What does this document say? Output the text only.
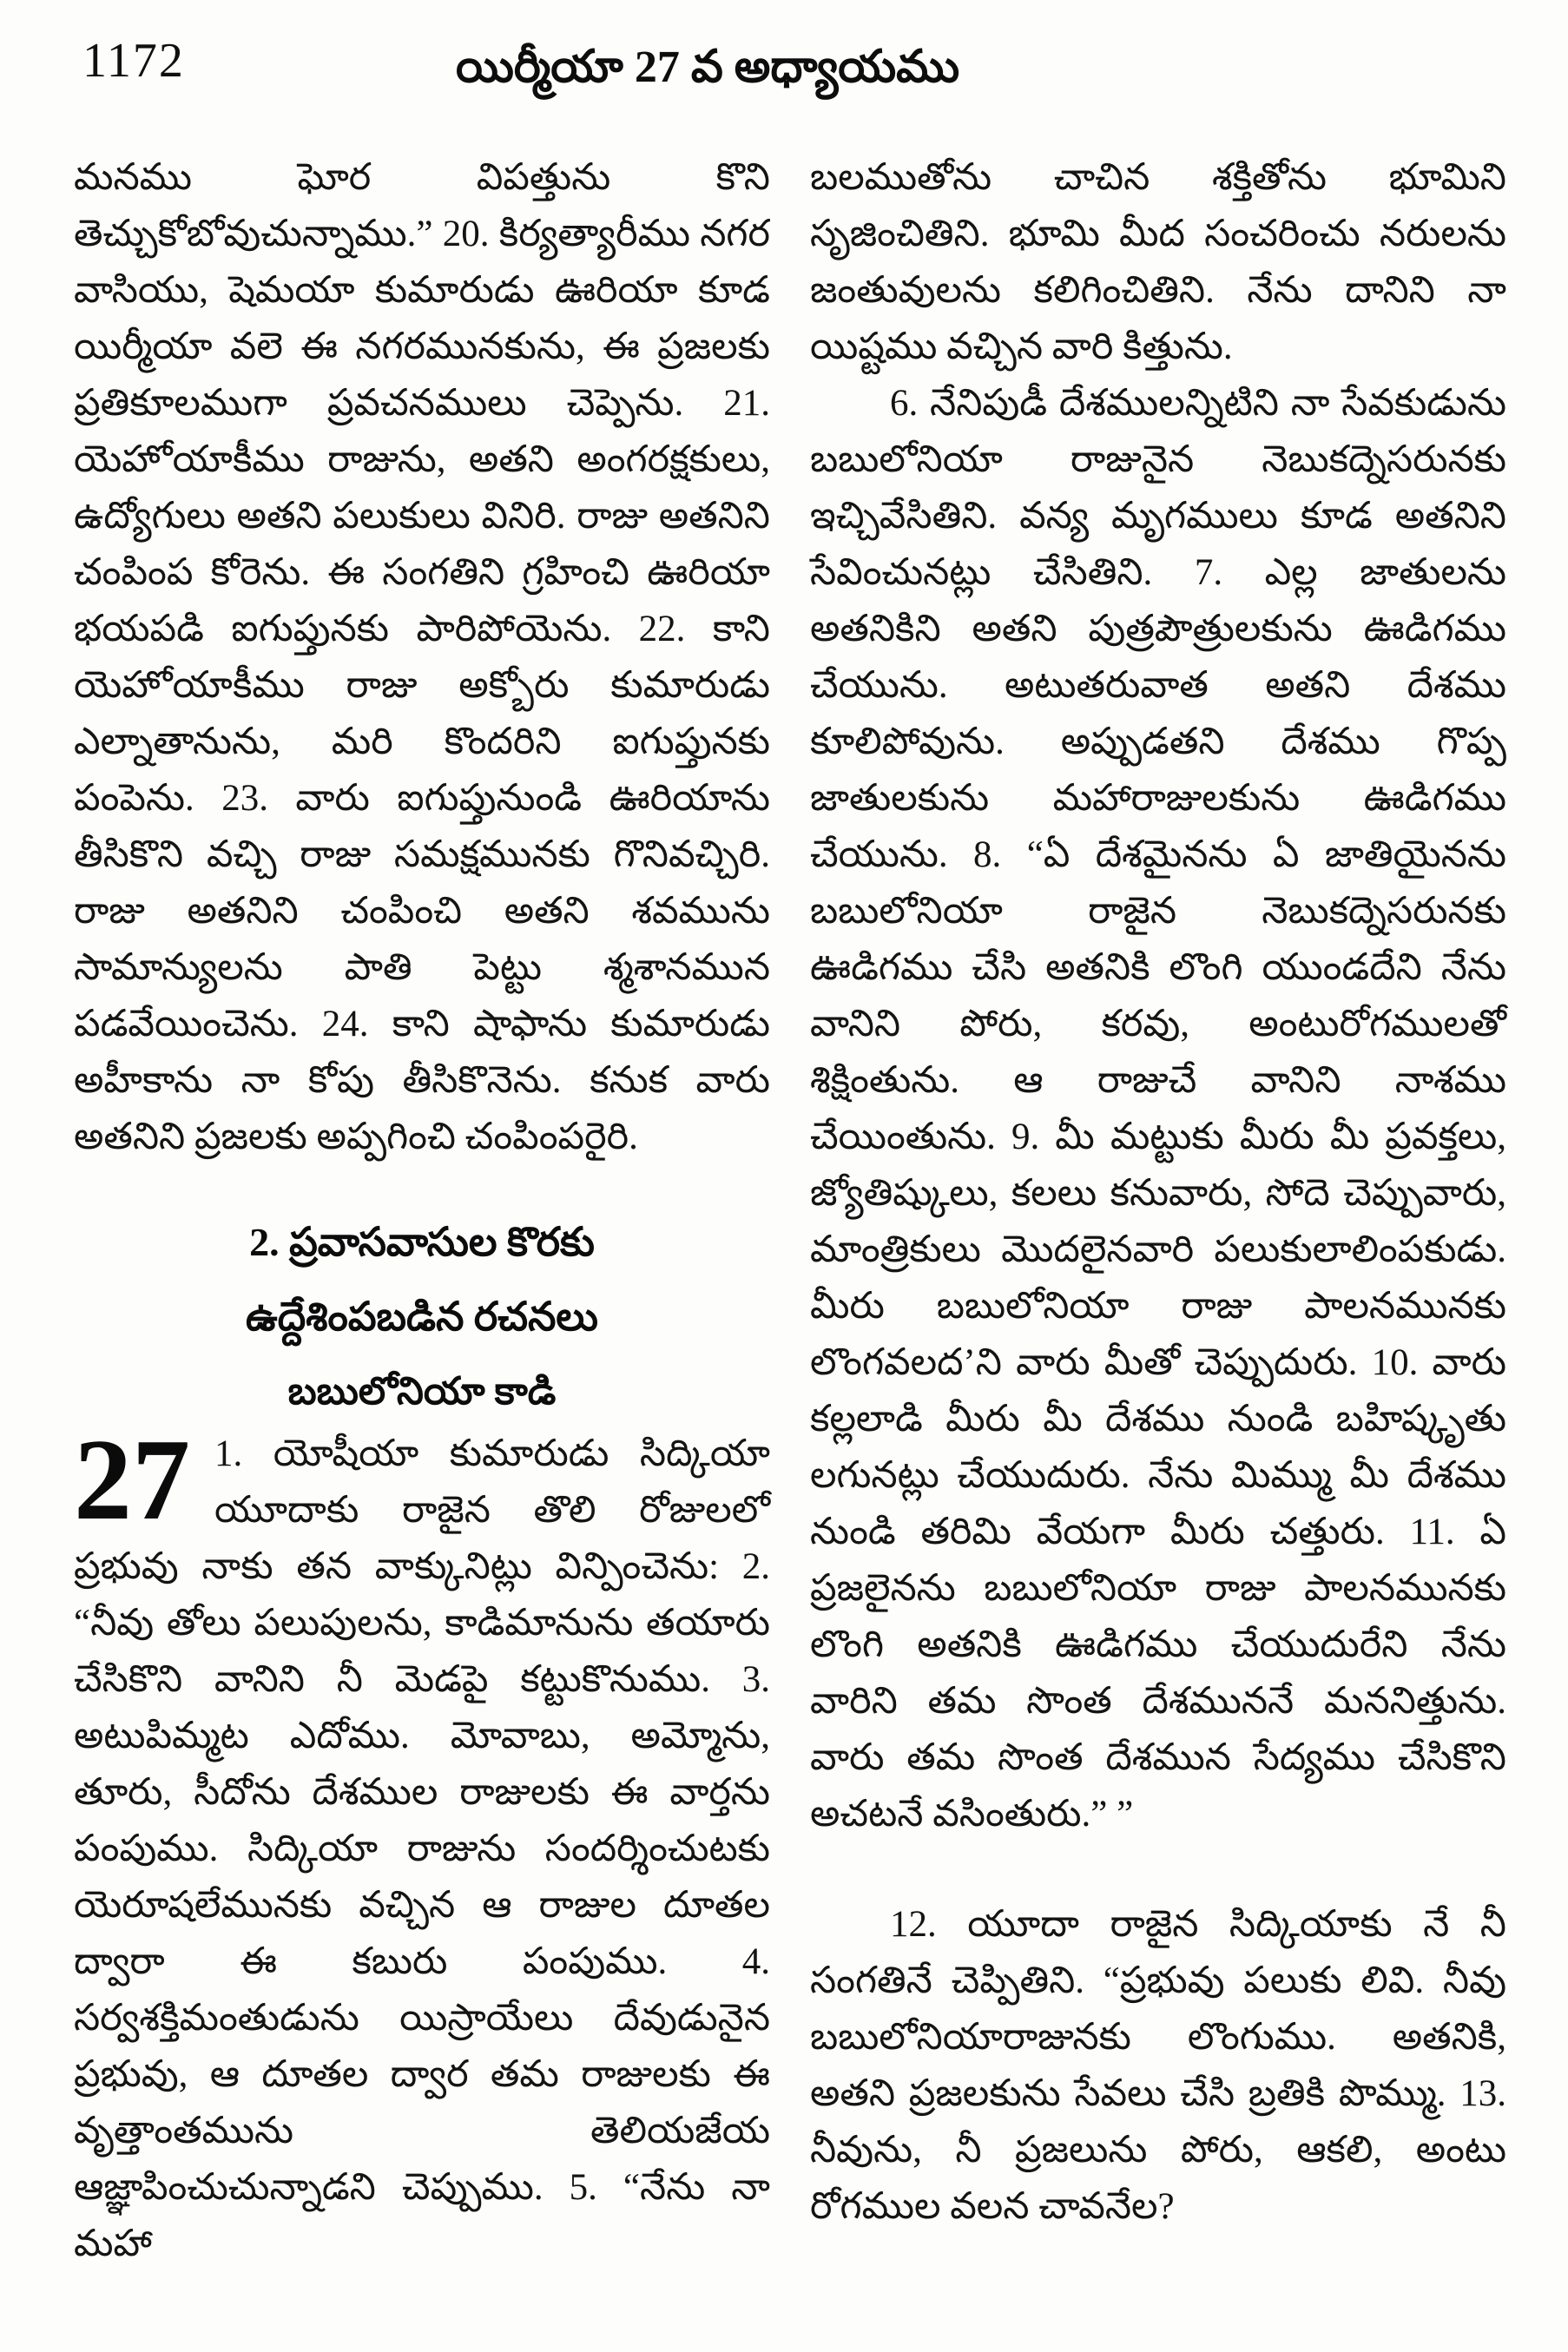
1172	యిర్మీయా 27 వ అధ్యాయము

మనము ఘోర విపత్తును కొని తెచ్చుకోబోవుచున్నాము.” 20. కిర్యత్యారీము నగర వాసియు, షెమయా కుమారుడు ఊరియా కూడ యిర్మీయా వలె ఈ నగరమునకును, ఈ ప్రజలకు ప్రతికూలముగా ప్రవచనములు చెప్పెను. 21. యెహోయాకీము రాజును, అతని అంగరక్షకులు, ఉద్యోగులు అతని పలుకులు వినిరి. రాజు అతనిని చంపింప కోరెను. ఈ సంగతిని గ్రహించి ఊరియా భయపడి ఐగుప్తునకు పారిపోయెను. 22. కాని యెహోయాకీము రాజు అక్బోరు కుమారుడు ఎల్నాతానును, మరి కొందరిని ఐగుప్తునకు పంపెను. 23. వారు ఐగుప్తునుండి ఊరియాను తీసికొని వచ్చి రాజు సమక్షమునకు గొనివచ్చిరి. రాజు అతనిని చంపించి అతని శవమును సామాన్యులను పాతి పెట్టు శ్మశానమున పడవేయించెను. 24. కాని షాఫాను కుమారుడు అహీకాను నా కోపు తీసికొనెను. కనుక వారు అతనిని ప్రజలకు అప్పగించి చంపింపరైరి.

2. ప్రవాసవాసుల కొరకు
ఉద్దేశింపబడిన రచనలు
బబులోనియా కాడి

27 1. యోషీయా కుమారుడు సిద్కియా యూదాకు రాజైన తొలి రోజులలో ప్రభువు నాకు తన వాక్కునిట్లు విన్పించెను: 2. “నీవు తోలు పలుపులను, కాడిమానును తయారు చేసికొని వానిని నీ మెడపై కట్టుకొనుము. 3. అటుపిమ్మట ఎదోము. మోవాబు, అమ్మోను, తూరు, సీదోను దేశముల రాజులకు ఈ వార్తను పంపుము. సిద్కియా రాజును సందర్శించుటకు యెరూషలేమునకు వచ్చిన ఆ రాజుల దూతల ద్వారా ఈ కబురు పంపుము. 4. సర్వశక్తిమంతుడును యిస్రాయేలు దేవుడునైన ప్రభువు, ఆ దూతల ద్వార తమ రాజులకు ఈ వృత్తాంతమును తెలియజేయ ఆజ్ఞాపించుచున్నాడని చెప్పుము. 5. “నేను నా మహా

బలముతోను చాచిన శక్తితోను భూమిని సృజించితిని. భూమి మీద సంచరించు నరులను జంతువులను కలిగించితిని. నేను దానిని నా యిష్టము వచ్చిన వారి కిత్తును.

6. నేనిపుడీ దేశములన్నిటిని నా సేవకుడును బబులోనియా రాజునైన నెబుకద్నెసరునకు ఇచ్చివేసితిని. వన్య మృగములు కూడ అతనిని సేవించునట్లు చేసితిని. 7. ఎల్ల జాతులను అతనికిని అతని పుత్రపౌత్రులకును ఊడిగము చేయును. అటుతరువాత అతని దేశము కూలిపోవును. అప్పుడతని దేశము గొప్ప జాతులకును మహారాజులకును ఊడిగము చేయును. 8. “ఏ దేశమైనను ఏ జాతియైనను బబులోనియా రాజైన నెబుకద్నెసరునకు ఊడిగము చేసి అతనికి లొంగి యుండదేని నేను వానిని పోరు, కరవు, అంటురోగములతో శిక్షింతును. ఆ రాజుచే వానిని నాశము చేయింతును. 9. మీ మట్టుకు మీరు మీ ప్రవక్తలు, జ్యోతిష్కులు, కలలు కనువారు, సోదె చెప్పువారు, మాంత్రికులు మొదలైనవారి పలుకులాలింపకుడు. మీరు బబులోనియా రాజు పాలనమునకు లొంగవలద’ని వారు మీతో చెప్పుదురు. 10. వారు కల్లలాడి మీరు మీ దేశము నుండి బహిష్కృతు లగునట్లు చేయుదురు. నేను మిమ్ము మీ దేశము నుండి తరిమి వేయగా మీరు చత్తురు. 11. ఏ ప్రజలైనను బబులోనియా రాజు పాలనమునకు లొంగి అతనికి ఊడిగము చేయుదురేని నేను వారిని తమ సొంత దేశముననే మననిత్తును. వారు తమ సొంత దేశమున సేద్యము చేసికొని అచటనే వసింతురు.” ”

12. యూదా రాజైన సిద్కియాకు నే నీ సంగతినే చెప్పితిని. “ప్రభువు పలుకు లివి. నీవు బబులోనియారాజునకు లొంగుము. అతనికి, అతని ప్రజలకును సేవలు చేసి బ్రతికి పొమ్ము. 13. నీవును, నీ ప్రజలును పోరు, ఆకలి, అంటు రోగముల వలన చావనేల?
